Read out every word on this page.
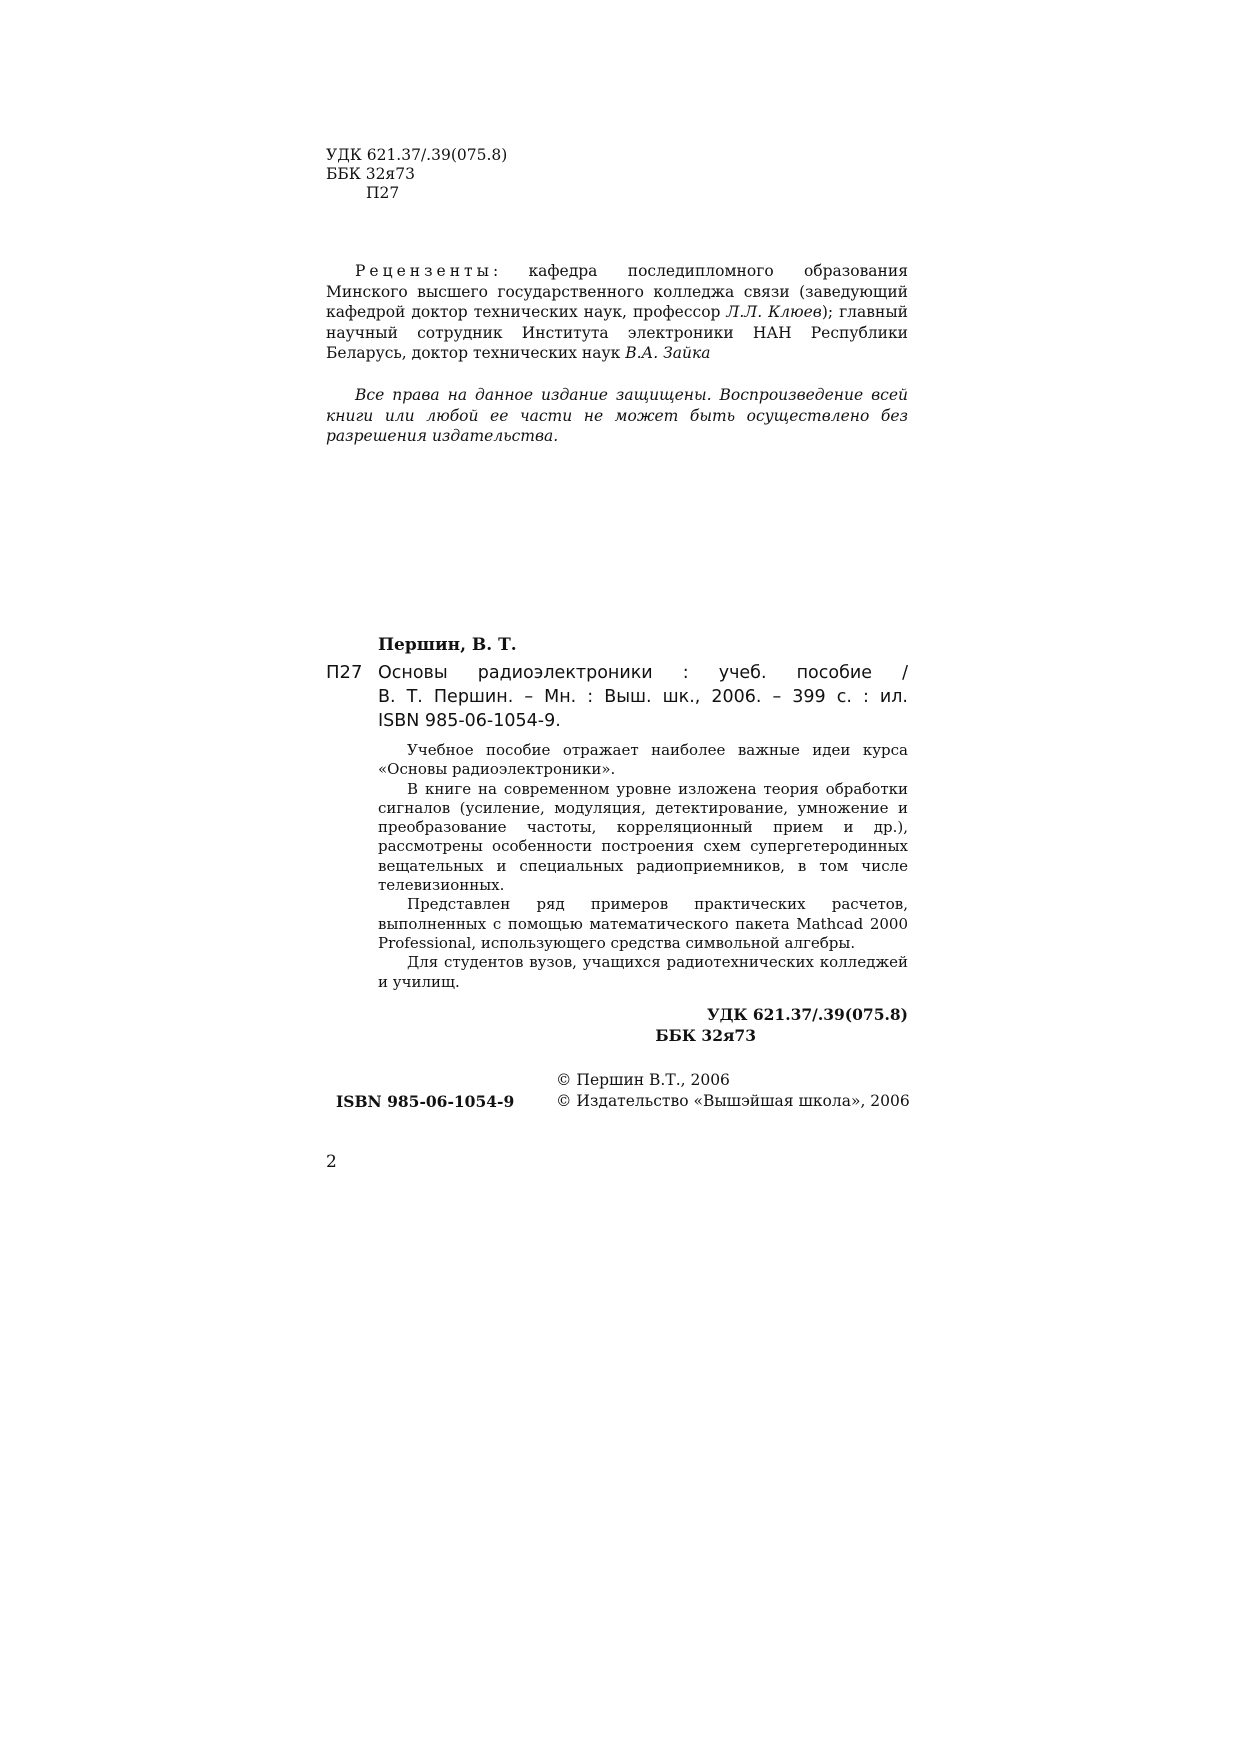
УДК 621.37/.39(075.8)
ББК 32я73
П27

Рецензенты: кафедра последипломного образования Минского высшего государственного колледжа связи (заведующий кафедрой доктор технических наук, профессор Л.Л. Клюев); главный научный сотрудник Института электроники НАН Республики Беларусь, доктор технических наук В.А. Зайка

Все права на данное издание защищены. Воспроизведение всей книги или любой ее части не может быть осуществлено без разрешения издательства.

Першин, В. Т.
П27 Основы радиоэлектроники : учеб. пособие /
В. Т. Першин. – Мн. : Выш. шк., 2006. – 399 с. : ил.
ISBN 985-06-1054-9.

Учебное пособие отражает наиболее важные идеи курса «Основы радиоэлектроники».

В книге на современном уровне изложена теория обработки сигналов (усиление, модуляция, детектирование, умножение и преобразование частоты, корреляционный прием и др.), рассмотрены особенности построения схем супергетеродинных вещательных и специальных радиоприемников, в том числе телевизионных.

Представлен ряд примеров практических расчетов, выполненных с помощью математического пакета Mathcad 2000 Professional, использующего средства символьной алгебры.

Для студентов вузов, учащихся радиотехнических колледжей и училищ.

УДК 621.37/.39(075.8)
ББК 32я73
ISBN 985-06-1054-9
© Першин В.Т., 2006
© Издательство «Вышэйшая школа», 2006
2
